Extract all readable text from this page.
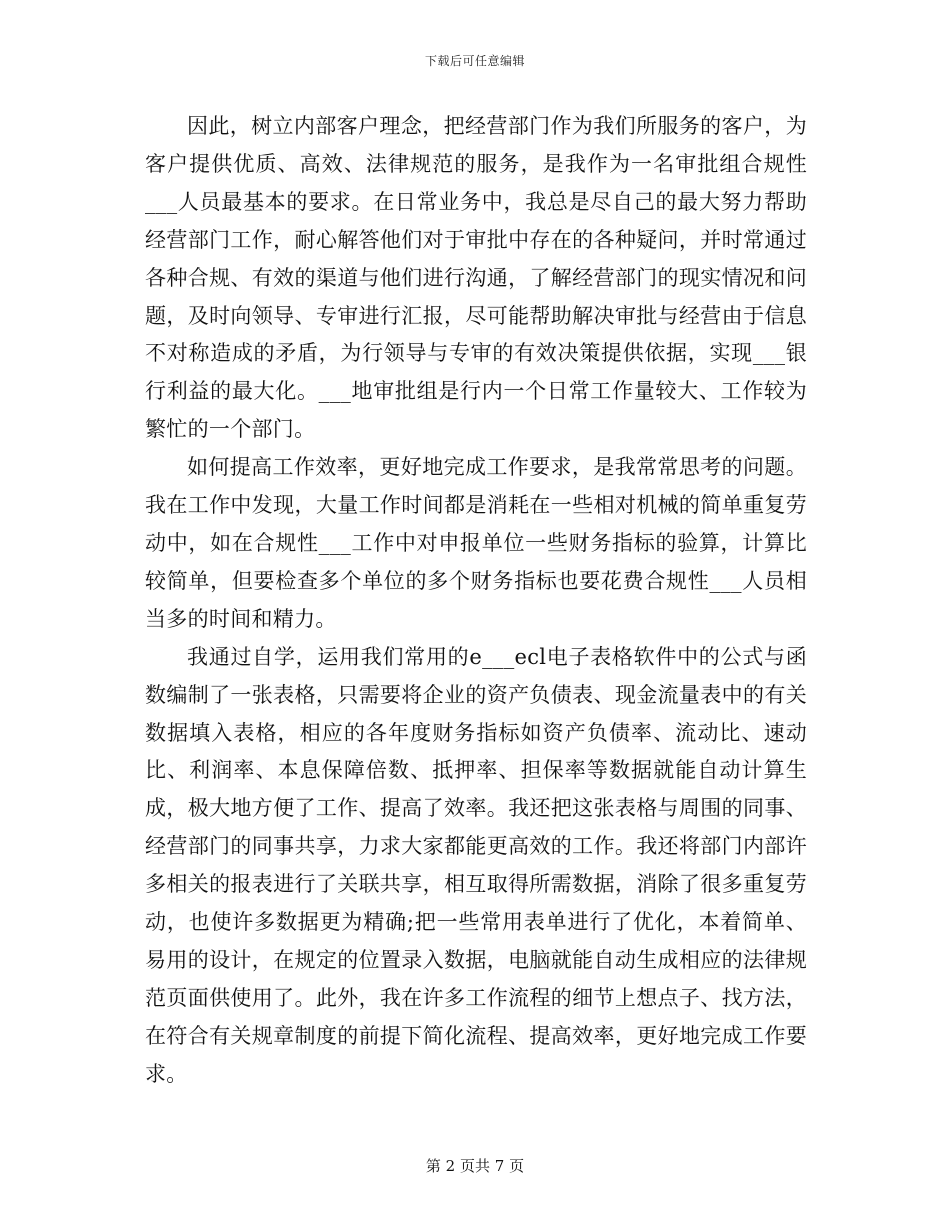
下载后可任意编辑

因此，树立内部客户理念，把经营部门作为我们所服务的客户，为客户提供优质、高效、法律规范的服务，是我作为一名审批组合规性___人员最基本的要求。在日常业务中，我总是尽自己的最大努力帮助经营部门工作，耐心解答他们对于审批中存在的各种疑问，并时常通过各种合规、有效的渠道与他们进行沟通，了解经营部门的现实情况和问题，及时向领导、专审进行汇报，尽可能帮助解决审批与经营由于信息不对称造成的矛盾，为行领导与专审的有效决策提供依据，实现___银行利益的最大化。___地审批组是行内一个日常工作量较大、工作较为繁忙的一个部门。

如何提高工作效率，更好地完成工作要求，是我常常思考的问题。我在工作中发现，大量工作时间都是消耗在一些相对机械的简单重复劳动中，如在合规性___工作中对申报单位一些财务指标的验算，计算比较简单，但要检查多个单位的多个财务指标也要花费合规性___人员相当多的时间和精力。

我通过自学，运用我们常用的e___ecl电子表格软件中的公式与函数编制了一张表格，只需要将企业的资产负债表、现金流量表中的有关数据填入表格，相应的各年度财务指标如资产负债率、流动比、速动比、利润率、本息保障倍数、抵押率、担保率等数据就能自动计算生成，极大地方便了工作、提高了效率。我还把这张表格与周围的同事、经营部门的同事共享，力求大家都能更高效的工作。我还将部门内部许多相关的报表进行了关联共享，相互取得所需数据，消除了很多重复劳动，也使许多数据更为精确;把一些常用表单进行了优化，本着简单、易用的设计，在规定的位置录入数据，电脑就能自动生成相应的法律规范页面供使用了。此外，我在许多工作流程的细节上想点子、找方法，在符合有关规章制度的前提下简化流程、提高效率，更好地完成工作要求。

第 2 页共 7 页
